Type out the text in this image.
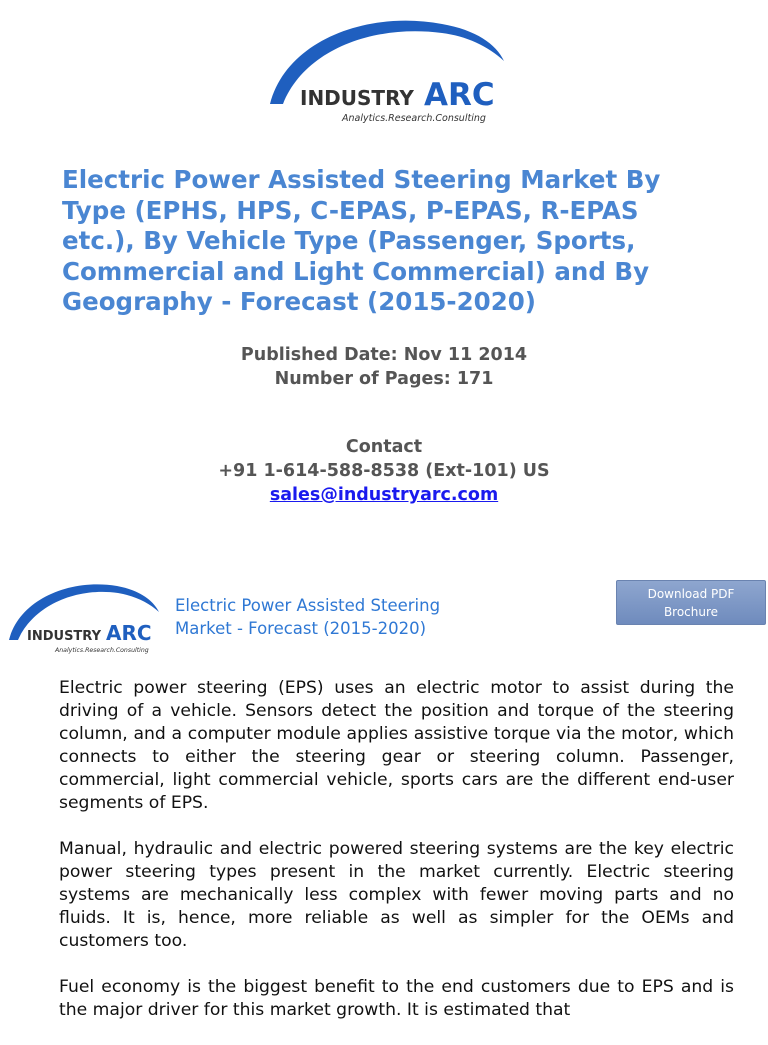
INDUSTRY ARC
Analytics.Research.Consulting
Electric Power Assisted Steering Market By
Type (EPHS, HPS, C-EPAS, P-EPAS, R-EPAS
etc.), By Vehicle Type (Passenger, Sports,
Commercial and Light Commercial) and By
Geography - Forecast (2015-2020)
Published Date: Nov 11 2014
Number of Pages: 171
Contact
+91 1-614-588-8538 (Ext-101) US
sales@industryarc.com
INDUSTRY ARC
Analytics.Research.Consulting
Electric Power Assisted Steering
Market - Forecast (2015-2020)
Download PDF
Brochure

Electric power steering (EPS) uses an electric motor to assist during the driving of a vehicle. Sensors detect the position and torque of the steering column, and a computer module applies assistive torque via the motor, which connects to either the steering gear or steering column. Passenger, commercial, light commercial vehicle, sports cars are the different end-user segments of EPS.

Manual, hydraulic and electric powered steering systems are the key electric power steering types present in the market currently. Electric steering systems are mechanically less complex with fewer moving parts and no fluids. It is, hence, more reliable as well as simpler for the OEMs and customers too.

Fuel economy is the biggest benefit to the end customers due to EPS and is the major driver for this market growth. It is estimated that
